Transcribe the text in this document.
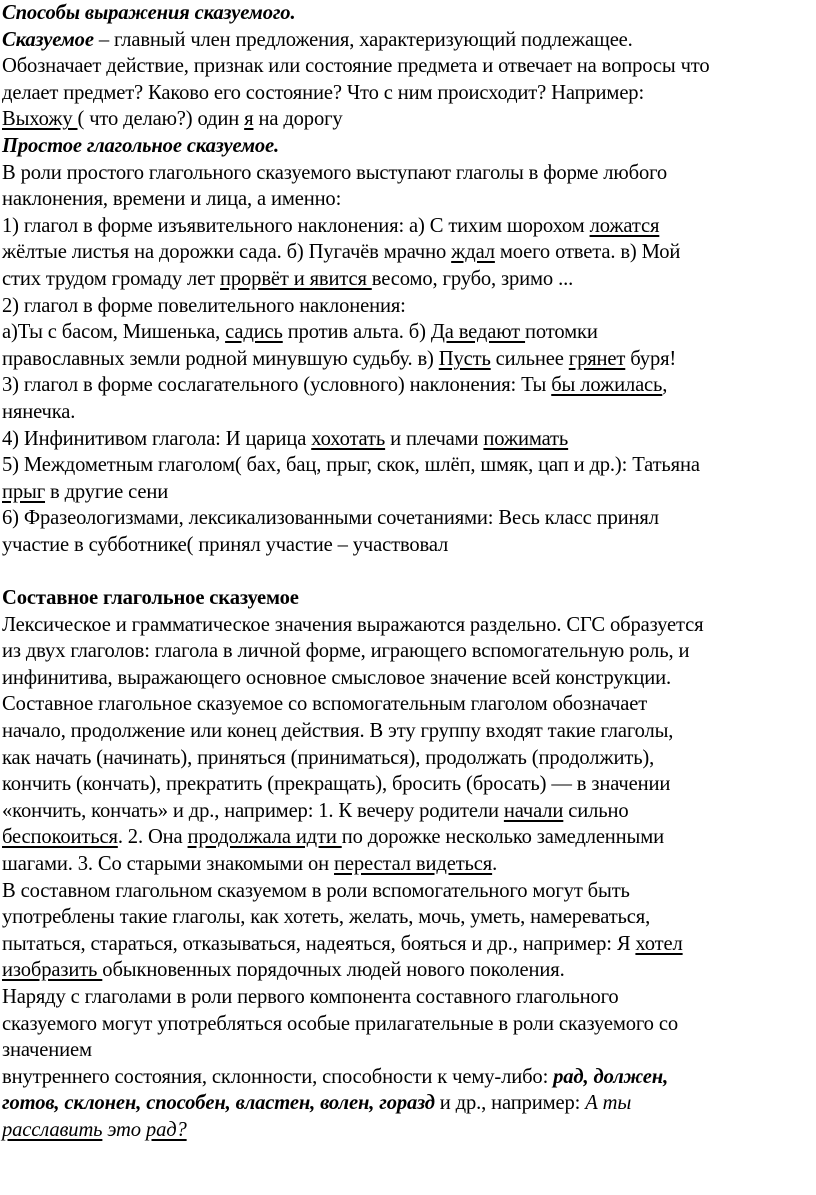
Способы выражения сказуемого.
Сказуемое – главный член предложения, характеризующий подлежащее.
Обозначает действие, признак или состояние предмета и отвечает на вопросы что
делает предмет? Каково его состояние? Что с ним происходит? Например:
Выхожу ( что делаю?) один я на дорогу
Простое глагольное сказуемое.
В роли простого глагольного сказуемого выступают глаголы в форме любого
наклонения, времени и лица, а именно:
1) глагол в форме изъявительного наклонения: а) С тихим шорохом ложатся
жёлтые листья на дорожки сада. б) Пугачёв мрачно ждал моего ответа. в) Мой
стих трудом громаду лет прорвёт и явится весомо, грубо, зримо ...
2) глагол в форме повелительного наклонения:
а)Ты с басом, Мишенька, садись против альта. б) Да ведают потомки
православных земли родной минувшую судьбу. в) Пусть сильнее грянет буря!
3) глагол в форме сослагательного (условного) наклонения: Ты бы ложилась,
нянечка.
4) Инфинитивом глагола: И царица хохотать и плечами пожимать
5) Междометным глаголом( бах, бац, прыг, скок, шлёп, шмяк, цап и др.): Татьяна
прыг в другие сени
6) Фразеологизмами, лексикализованными сочетаниями: Весь класс принял
участие в субботнике( принял участие – участвовал
Составное глагольное сказуемое
Лексическое и грамматическое значения выражаются раздельно. СГС образуется
из двух глаголов: глагола в личной форме, играющего вспомогательную роль, и
инфинитива, выражающего основное смысловое значение всей конструкции.
Составное глагольное сказуемое со вспомогательным глаголом обозначает
начало, продолжение или конец действия. В эту группу входят такие глаголы,
как начать (начинать), приняться (приниматься), продолжать (продолжить),
кончить (кончать), прекратить (прекращать), бросить (бросать) — в значении
«кончить, кончать» и др., например: 1. К вечеру родители начали сильно
беспокоиться. 2. Она продолжала идти по дорожке несколько замедленными
шагами. 3. Со старыми знакомыми он перестал видеться.
В составном глагольном сказуемом в роли вспомогательного могут быть
употреблены такие глаголы, как хотеть, желать, мочь, уметь, намереваться,
пытаться, стараться, отказываться, надеяться, бояться и др., например: Я хотел
изобразить обыкновенных порядочных людей нового поколения.
Наряду с глаголами в роли первого компонента составного глагольного
сказуемого могут употребляться особые прилагательные в роли сказуемого со
значением
внутреннего состояния, склонности, способности к чему-либо: рад, должен,
готов, склонен, способен, властен, волен, горазд и др., например: А ты
расславить это рад?
